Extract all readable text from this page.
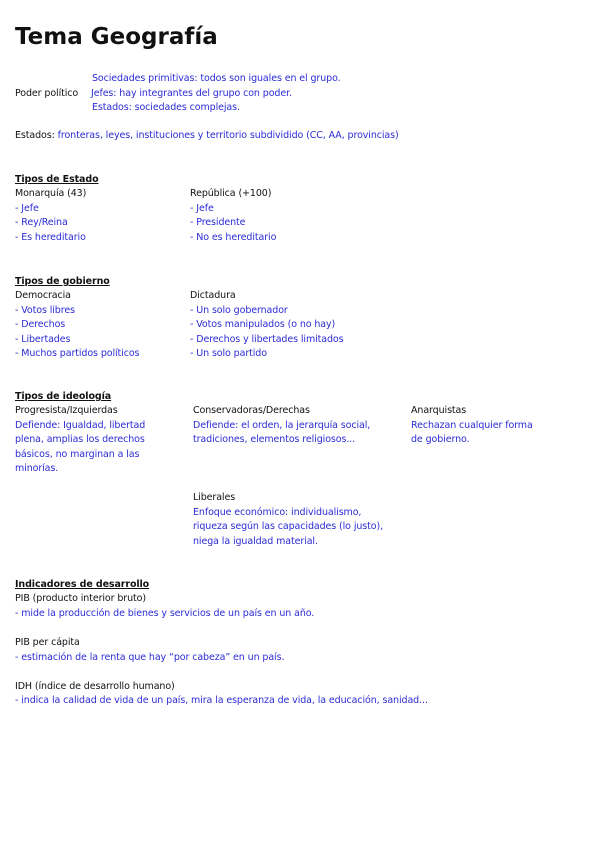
Tema Geografía
Poder político
Sociedades primitivas: todos son iguales en el grupo.
Jefes: hay integrantes del grupo con poder.
Estados: sociedades complejas.
Estados: fronteras, leyes, instituciones y territorio subdividido (CC, AA, provincias)
Tipos de Estado
Monarquía (43)
- Jefe
- Rey/Reina
- Es hereditario
República (+100)
- Jefe
- Presidente
- No es hereditario
Tipos de gobierno
Democracia
- Votos libres
- Derechos
- Libertades
- Muchos partidos políticos
Dictadura
- Un solo gobernador
- Votos manipulados (o no hay)
- Derechos y libertades limitados
- Un solo partido
Tipos de ideología
Progresista/Izquierdas
Defiende: Igualdad, libertad
plena, amplias los derechos
básicos, no marginan a las
minorías.
Conservadoras/Derechas
Defiende: el orden, la jerarquía social,
tradiciones, elementos religiosos...
Anarquistas
Rechazan cualquier forma
de gobierno.
Liberales
Enfoque económico: individualismo,
riqueza según las capacidades (lo justo),
niega la igualdad material.
Indicadores de desarrollo
PIB (producto interior bruto)
- mide la producción de bienes y servicios de un país en un año.
PIB per cápita
- estimación de la renta que hay “por cabeza” en un país.
IDH (índice de desarrollo humano)
- indica la calidad de vida de un país, mira la esperanza de vida, la educación, sanidad...
